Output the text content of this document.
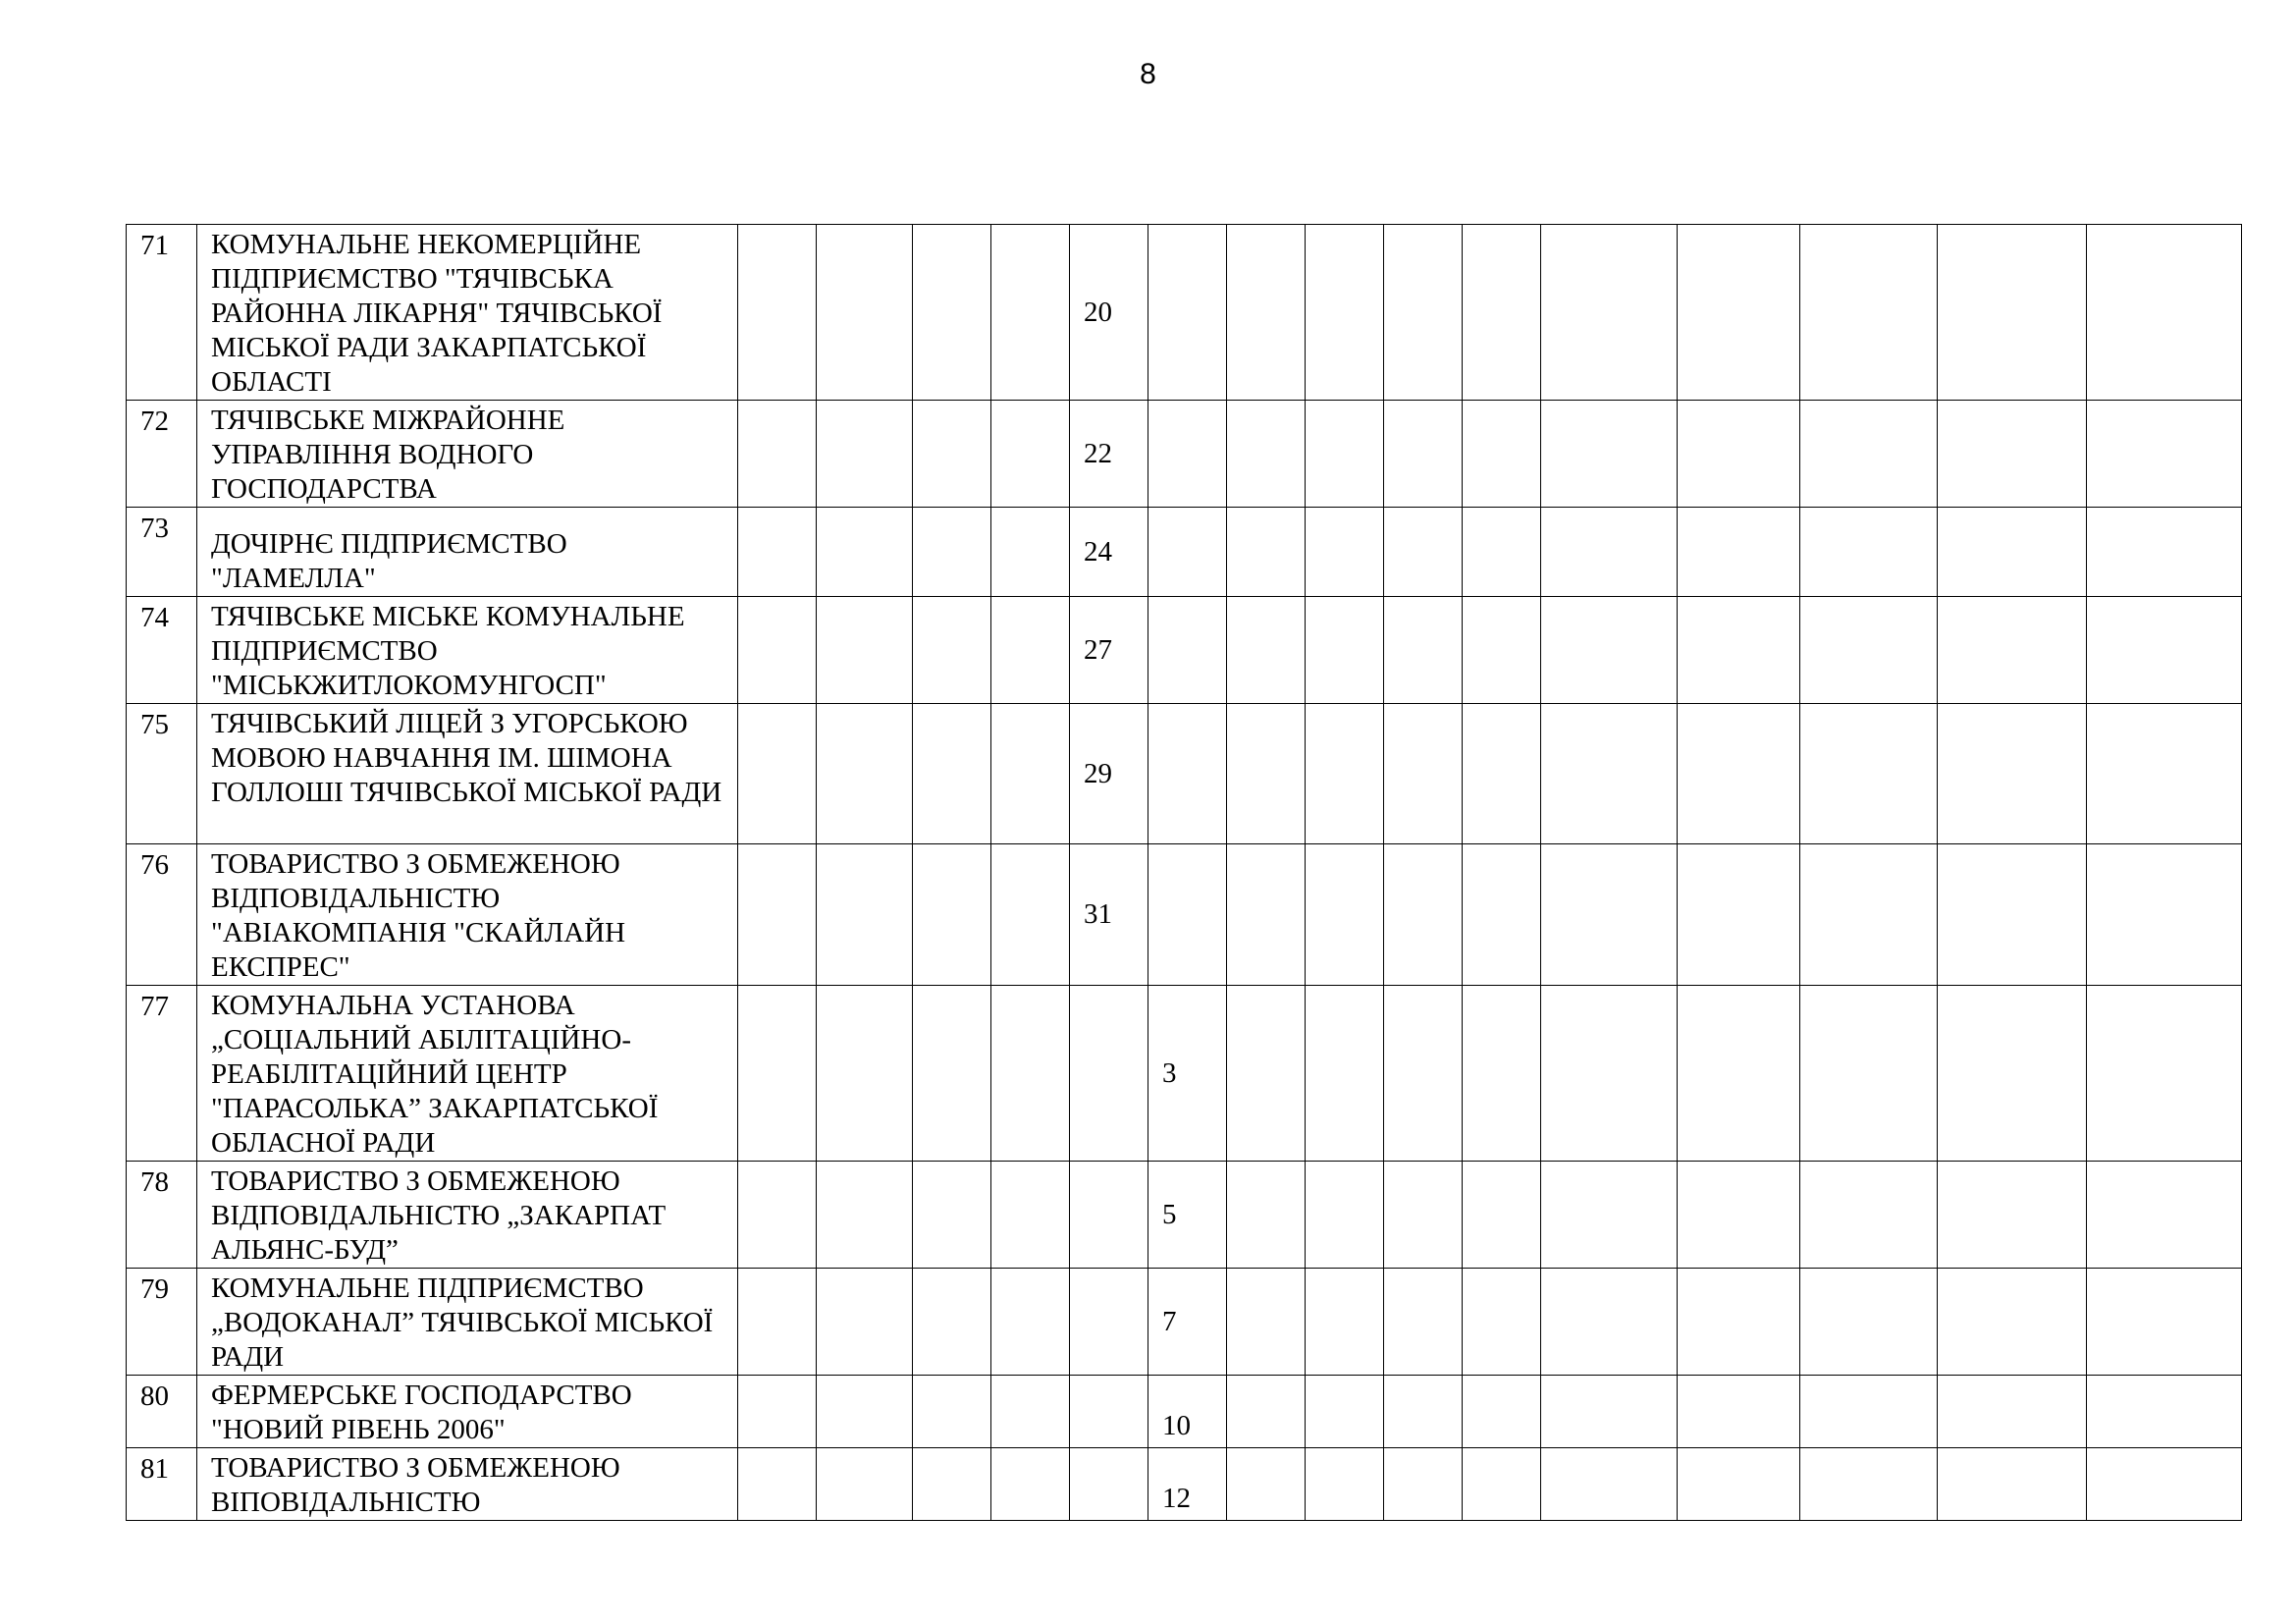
8
71	КОМУНАЛЬНЕ НЕКОМЕРЦІЙНЕ ПІДПРИЄМСТВО "ТЯЧІВСЬКА РАЙОННА ЛІКАРНЯ" ТЯЧІВСЬКОЇ МІСЬКОЇ РАДИ ЗАКАРПАТСЬКОЇ ОБЛАСТІ					20										
72	ТЯЧІВСЬКЕ МІЖРАЙОННЕ УПРАВЛІННЯ ВОДНОГО ГОСПОДАРСТВА					22										
73	ДОЧІРНЄ ПІДПРИЄМСТВО "ЛАМЕЛЛА"					24										
74	ТЯЧІВСЬКЕ МІСЬКЕ КОМУНАЛЬНЕ ПІДПРИЄМСТВО "МІСЬКЖИТЛОКОМУНГОСП"					27										
75	ТЯЧІВСЬКИЙ ЛІЦЕЙ З УГОРСЬКОЮ МОВОЮ НАВЧАННЯ ІМ. ШІМОНА ГОЛЛОШІ ТЯЧІВСЬКОЇ МІСЬКОЇ РАДИ					29										
76	ТОВАРИСТВО З ОБМЕЖЕНОЮ ВІДПОВІДАЛЬНІСТЮ "АВІАКОМПАНІЯ "СКАЙЛАЙН ЕКСПРЕС"					31										
77	КОМУНАЛЬНА УСТАНОВА „СОЦІАЛЬНИЙ АБІЛІТАЦІЙНО-РЕАБІЛІТАЦІЙНИЙ ЦЕНТР "ПАРАСОЛЬКА” ЗАКАРПАТСЬКОЇ ОБЛАСНОЇ РАДИ						3									
78	ТОВАРИСТВО З ОБМЕЖЕНОЮ ВІДПОВІДАЛЬНІСТЮ „ЗАКАРПАТ АЛЬЯНС-БУД”						5									
79	КОМУНАЛЬНЕ ПІДПРИЄМСТВО „ВОДОКАНАЛ” ТЯЧІВСЬКОЇ МІСЬКОЇ РАДИ						7									
80	ФЕРМЕРСЬКЕ ГОСПОДАРСТВО "НОВИЙ РІВЕНЬ 2006"						10									
81	ТОВАРИСТВО З ОБМЕЖЕНОЮ ВІПОВІДАЛЬНІСТЮ						12									
